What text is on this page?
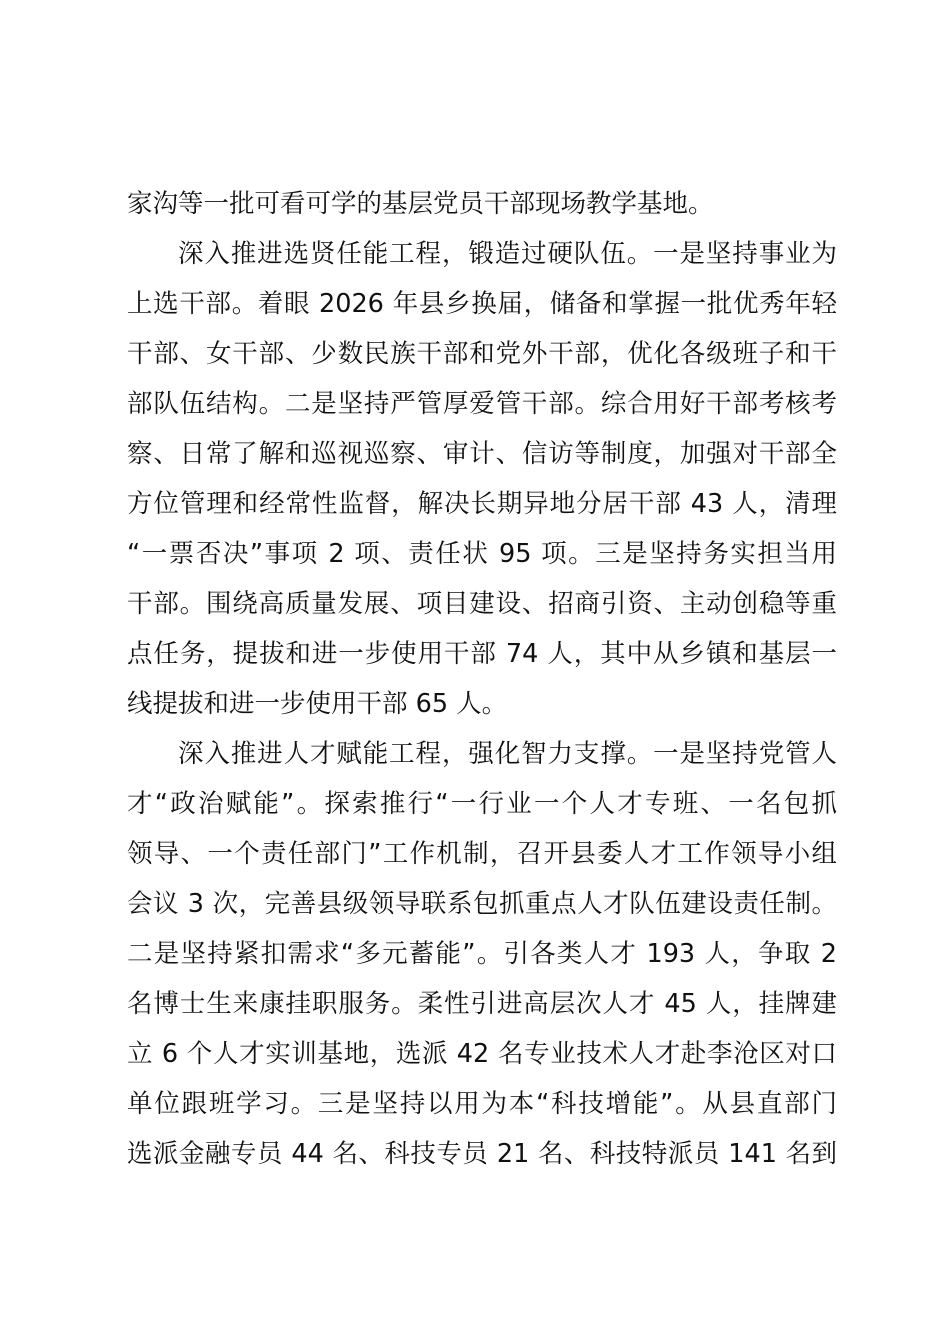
家沟等一批可看可学的基层党员干部现场教学基地。
深入推进选贤任能工程，锻造过硬队伍。一是坚持事业为
上选干部。着眼 2026 年县乡换届，储备和掌握一批优秀年轻
干部、女干部、少数民族干部和党外干部，优化各级班子和干
部队伍结构。二是坚持严管厚爱管干部。综合用好干部考核考
察、日常了解和巡视巡察、审计、信访等制度，加强对干部全
方位管理和经常性监督，解决长期异地分居干部 43 人，清理
“一票否决”事项 2 项、责任状 95 项。三是坚持务实担当用
干部。围绕高质量发展、项目建设、招商引资、主动创稳等重
点任务，提拔和进一步使用干部 74 人，其中从乡镇和基层一
线提拔和进一步使用干部 65 人。
深入推进人才赋能工程，强化智力支撑。一是坚持党管人
才“政治赋能”。探索推行“一行业一个人才专班、一名包抓
领导、一个责任部门”工作机制，召开县委人才工作领导小组
会议 3 次，完善县级领导联系包抓重点人才队伍建设责任制。
二是坚持紧扣需求“多元蓄能”。引各类人才 193 人，争取 2
名博士生来康挂职服务。柔性引进高层次人才 45 人，挂牌建
立 6 个人才实训基地，选派 42 名专业技术人才赴李沧区对口
单位跟班学习。三是坚持以用为本“科技增能”。从县直部门
选派金融专员 44 名、科技专员 21 名、科技特派员 141 名到
